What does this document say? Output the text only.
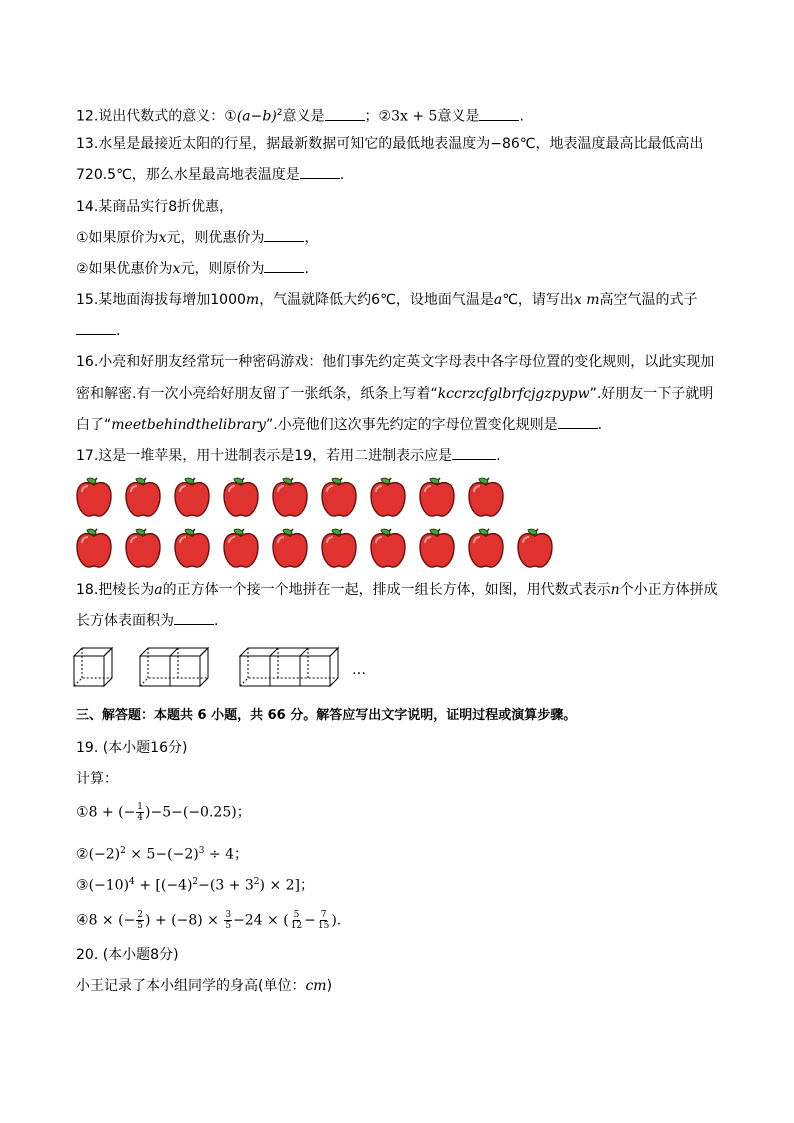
12.说出代数式的意义：$①(a-b)^2$意义是	；②3x + 5意义是	.
13.水星是最接近太阳的行星，据最新数据可知它的最低地表温度为−86℃，地表温度最高比最低高出
720.5℃，那么水星最高地表温度是	.
14.某商品实行8折优惠，
①如果原价为x元，则优惠价为	，
②如果优惠价为x元，则原价为	.
15.某地面海拔每增加1000m，气温就降低大约6℃，设地面气温是a℃，请写出x m高空气温的式子
.
16.小亮和好朋友经常玩一种密码游戏：他们事先约定英文字母表中各字母位置的变化规则，以此实现加
密和解密.有一次小亮给好朋友留了一张纸条，纸条上写着“kccrzcfglbrfcjgzpypw”.好朋友一下子就明
白了“meetbehindthelibrary”.小亮他们这次事先约定的字母位置变化规则是	.
17.这是一堆苹果，用十进制表示是19，若用二进制表示应是	.
18.把棱长为a的正方体一个接一个地拼在一起，排成一组长方体，如图，用代数式表示n个小正方体拼成
长方体表面积为	.
…
三、解答题：本题共 6 小题，共 66 分。解答应写出文字说明，证明过程或演算步骤。
19. (本小题16分)
计算：
①8 + (− $\frac{1}{4} )-5-(-0.25)$；
$②(-2)^2 \times 5-(-2)^3 \div 4$；
$③(-10)^4 + [(-4)^2-(3 + 3^2) \times 2]$；
④8 × (− $\frac{2}{5}$ ) + $(-8) \times \frac{3}{5} -24$ × ( $\frac{5}{12} - \frac{7}{15}$ ).
20. (本小题8分)
小王记录了本小组同学的身高(单位：cm)
